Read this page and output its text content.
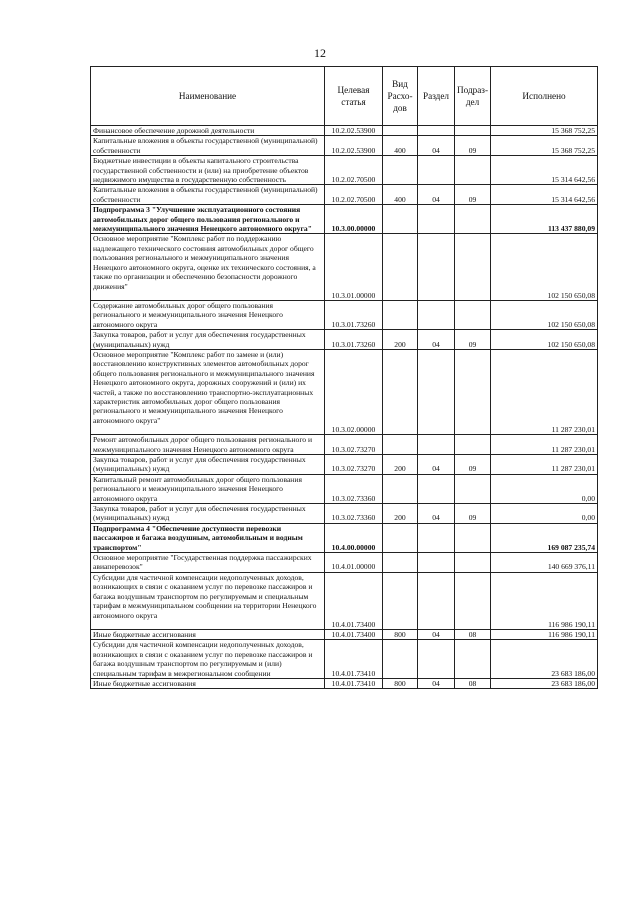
12
Наименование	Целевая статья	Вид Расхо-дов	Раздел	Подраз-дел	Исполнено
Финансовое обеспечение дорожной деятельности	10.2.02.53900				15 368 752,25
Капитальные вложения в объекты государственной (муниципальной) собственности	10.2.02.53900	400	04	09	15 368 752,25
Бюджетные инвестиции в объекты капитального строительства государственной собственности и (или) на приобретение объектов недвижимого имущества в государственную собственность	10.2.02.70500				15 314 642,56
Капитальные вложения в объекты государственной (муниципальной) собственности	10.2.02.70500	400	04	09	15 314 642,56
Подпрограмма 3 "Улучшение эксплуатационного состояния автомобильных дорог общего пользования регионального и межмуниципального значения Ненецкого автономного округа"	10.3.00.00000				113 437 880,09
Основное мероприятие "Комплекс работ по поддержанию надлежащего технического состояния автомобильных дорог общего пользования регионального и межмуниципального значения Ненецкого автономного округа, оценке их технического состояния, а также по организации и обеспечению безопасности дорожного движения"	10.3.01.00000				102 150 650,08
Содержание автомобильных дорог общего пользования регионального и межмуниципального значения Ненецкого автономного округа	10.3.01.73260				102 150 650,08
Закупка товаров, работ и услуг для обеспечения государственных (муниципальных) нужд	10.3.01.73260	200	04	09	102 150 650,08
Основное мероприятие "Комплекс работ по замене и (или) восстановлению конструктивных элементов автомобильных дорог общего пользования регионального и межмуниципального значения Ненецкого автономного округа, дорожных сооружений и (или) их частей, а также по восстановлению транспортно-эксплуатационных характеристик автомобильных дорог общего пользования регионального и межмуниципального значения Ненецкого автономного округа"	10.3.02.00000				11 287 230,01
Ремонт автомобильных дорог общего пользования регионального и межмуниципального значения Ненецкого автономного округа	10.3.02.73270				11 287 230,01
Закупка товаров, работ и услуг для обеспечения государственных (муниципальных) нужд	10.3.02.73270	200	04	09	11 287 230,01
Капитальный ремонт автомобильных дорог общего пользования регионального и межмуниципального значения Ненецкого автономного округа	10.3.02.73360				0,00
Закупка товаров, работ и услуг для обеспечения государственных (муниципальных) нужд	10.3.02.73360	200	04	09	0,00
Подпрограмма 4 "Обеспечение доступности перевозки пассажиров и багажа воздушным, автомобильным и водным транспортом"	10.4.00.00000				169 087 235,74
Основное мероприятие "Государственная поддержка пассажирских авиаперевозок"	10.4.01.00000				140 669 376,11
Субсидии для частичной компенсации недополученных доходов, возникающих в связи с оказанием услуг по перевозке пассажиров и багажа воздушным транспортом по регулируемым и специальным тарифам в межмуниципальном сообщении на территории Ненецкого автономного округа	10.4.01.73400				116 986 190,11
Иные бюджетные ассигнования	10.4.01.73400	800	04	08	116 986 190,11
Субсидии для частичной компенсации недополученных доходов, возникающих в связи с оказанием услуг по перевозке пассажиров и багажа воздушным транспортом по регулируемым и (или) специальным тарифам в межрегиональном сообщении	10.4.01.73410				23 683 186,00
Иные бюджетные ассигнования	10.4.01.73410	800	04	08	23 683 186,00
